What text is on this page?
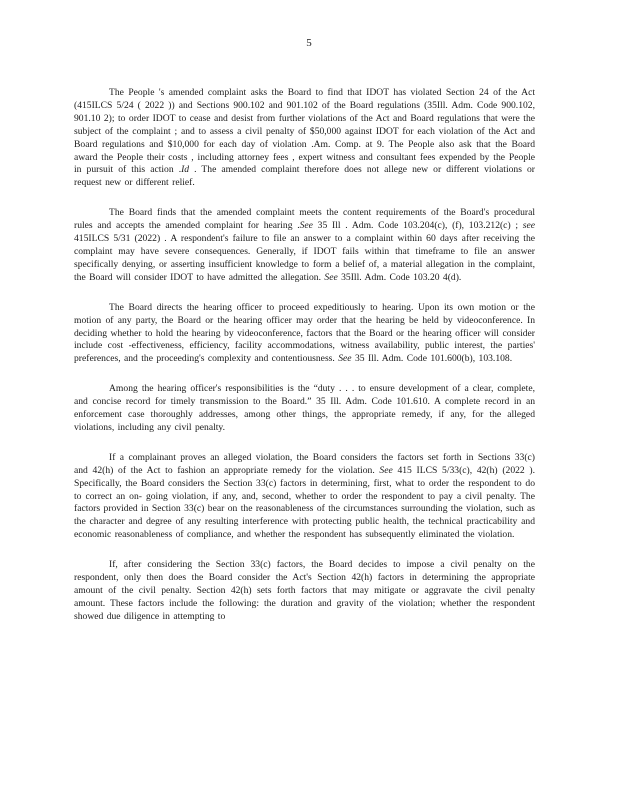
5

The People 's amended complaint asks the Board to find that IDOT has violated Section 24 of the Act (415ILCS 5/24 ( 2022 )) and Sections 900.102 and 901.102 of the Board regulations (35Ill. Adm. Code 900.102, 901.10 2); to order IDOT to cease and desist from further violations of the Act and Board regulations that were the subject of the complaint ; and to assess a civil penalty of $50,000 against IDOT for each violation of the Act and Board regulations and $10,000 for each day of violation .Am. Comp. at 9. The People also ask that the Board award the People their costs , including attorney fees , expert witness and consultant fees expended by the People in pursuit of this action .Id . The amended complaint therefore does not allege new or different violations or request new or different relief.

The Board finds that the amended complaint meets the content requirements of the Board's procedural rules and accepts the amended complaint for hearing .See 35 Ill . Adm. Code 103.204(c), (f), 103.212(c) ; see 415ILCS 5/31 (2022) . A respondent's failure to file an answer to a complaint within 60 days after receiving the complaint may have severe consequences. Generally, if IDOT fails within that timeframe to file an answer specifically denying, or asserting insufficient knowledge to form a belief of, a material allegation in the complaint, the Board will consider IDOT to have admitted the allegation. See 35Ill. Adm. Code 103.20 4(d).

The Board directs the hearing officer to proceed expeditiously to hearing. Upon its own motion or the motion of any party, the Board or the hearing officer may order that the hearing be held by videoconference. In deciding whether to hold the hearing by videoconference, factors that the Board or the hearing officer will consider include cost -effectiveness, efficiency, facility accommodations, witness availability, public interest, the parties' preferences, and the proceeding's complexity and contentiousness. See 35 Ill. Adm. Code 101.600(b), 103.108.

Among the hearing officer's responsibilities is the “duty . . . to ensure development of a clear, complete, and concise record for timely transmission to the Board.” 35 Ill. Adm. Code 101.610. A complete record in an enforcement case thoroughly addresses, among other things, the appropriate remedy, if any, for the alleged violations, including any civil penalty.

If a complainant proves an alleged violation, the Board considers the factors set forth in Sections 33(c) and 42(h) of the Act to fashion an appropriate remedy for the violation. See 415 ILCS 5/33(c), 42(h) (2022 ). Specifically, the Board considers the Section 33(c) factors in determining, first, what to order the respondent to do to correct an on- going violation, if any, and, second, whether to order the respondent to pay a civil penalty. The factors provided in Section 33(c) bear on the reasonableness of the circumstances surrounding the violation, such as the character and degree of any resulting interference with protecting public health, the technical practicability and economic reasonableness of compliance, and whether the respondent has subsequently eliminated the violation.

If, after considering the Section 33(c) factors, the Board decides to impose a civil penalty on the respondent, only then does the Board consider the Act's Section 42(h) factors in determining the appropriate amount of the civil penalty. Section 42(h) sets forth factors that may mitigate or aggravate the civil penalty amount. These factors include the following: the duration and gravity of the violation; whether the respondent showed due diligence in attempting to
